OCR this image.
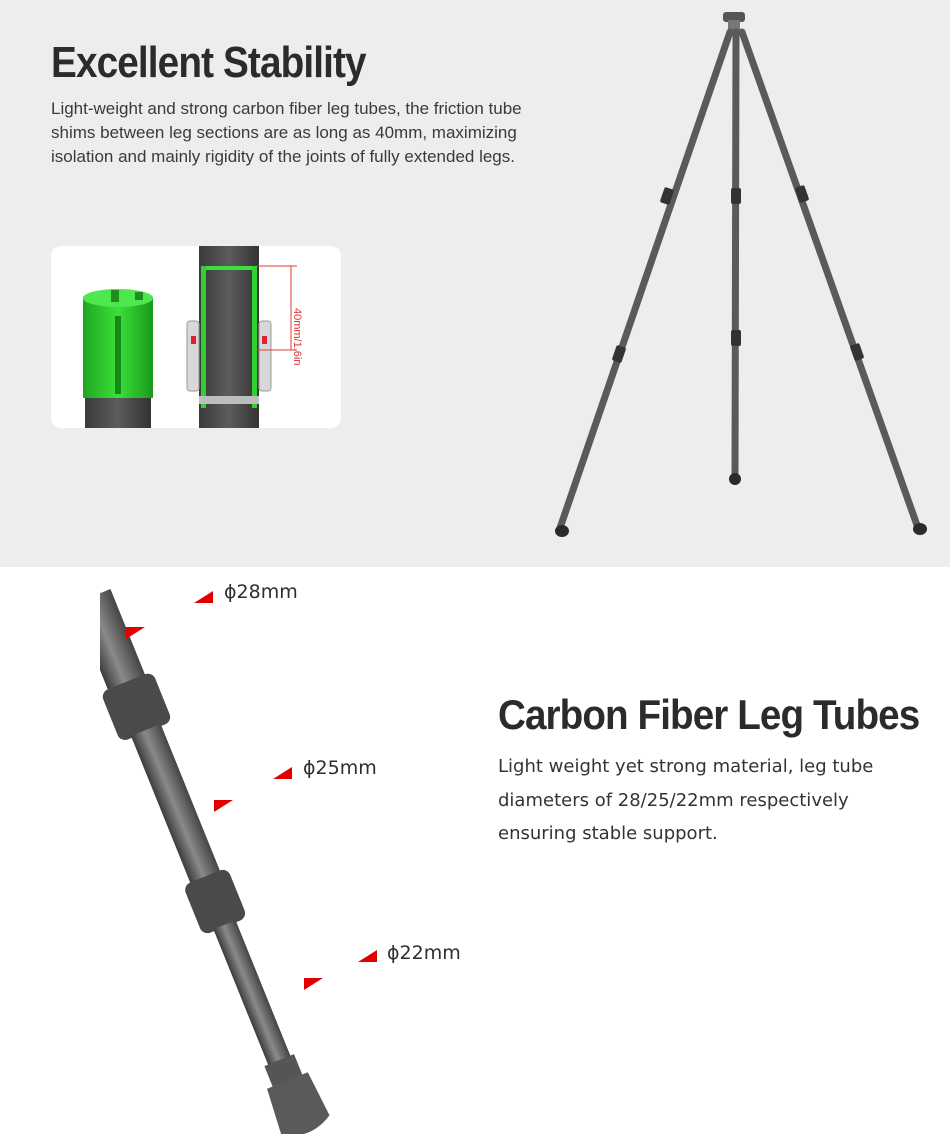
Excellent Stability

Light-weight and strong carbon fiber leg tubes, the friction tube shims between leg sections are as long as 40mm, maximizing isolation and mainly rigidity of the joints of fully extended legs.

40mm/1.6in
ϕ28mm
ϕ25mm
ϕ22mm
Carbon Fiber Leg Tubes

Light weight yet strong material, leg tube diameters of 28/25/22mm respectively ensuring stable support.
